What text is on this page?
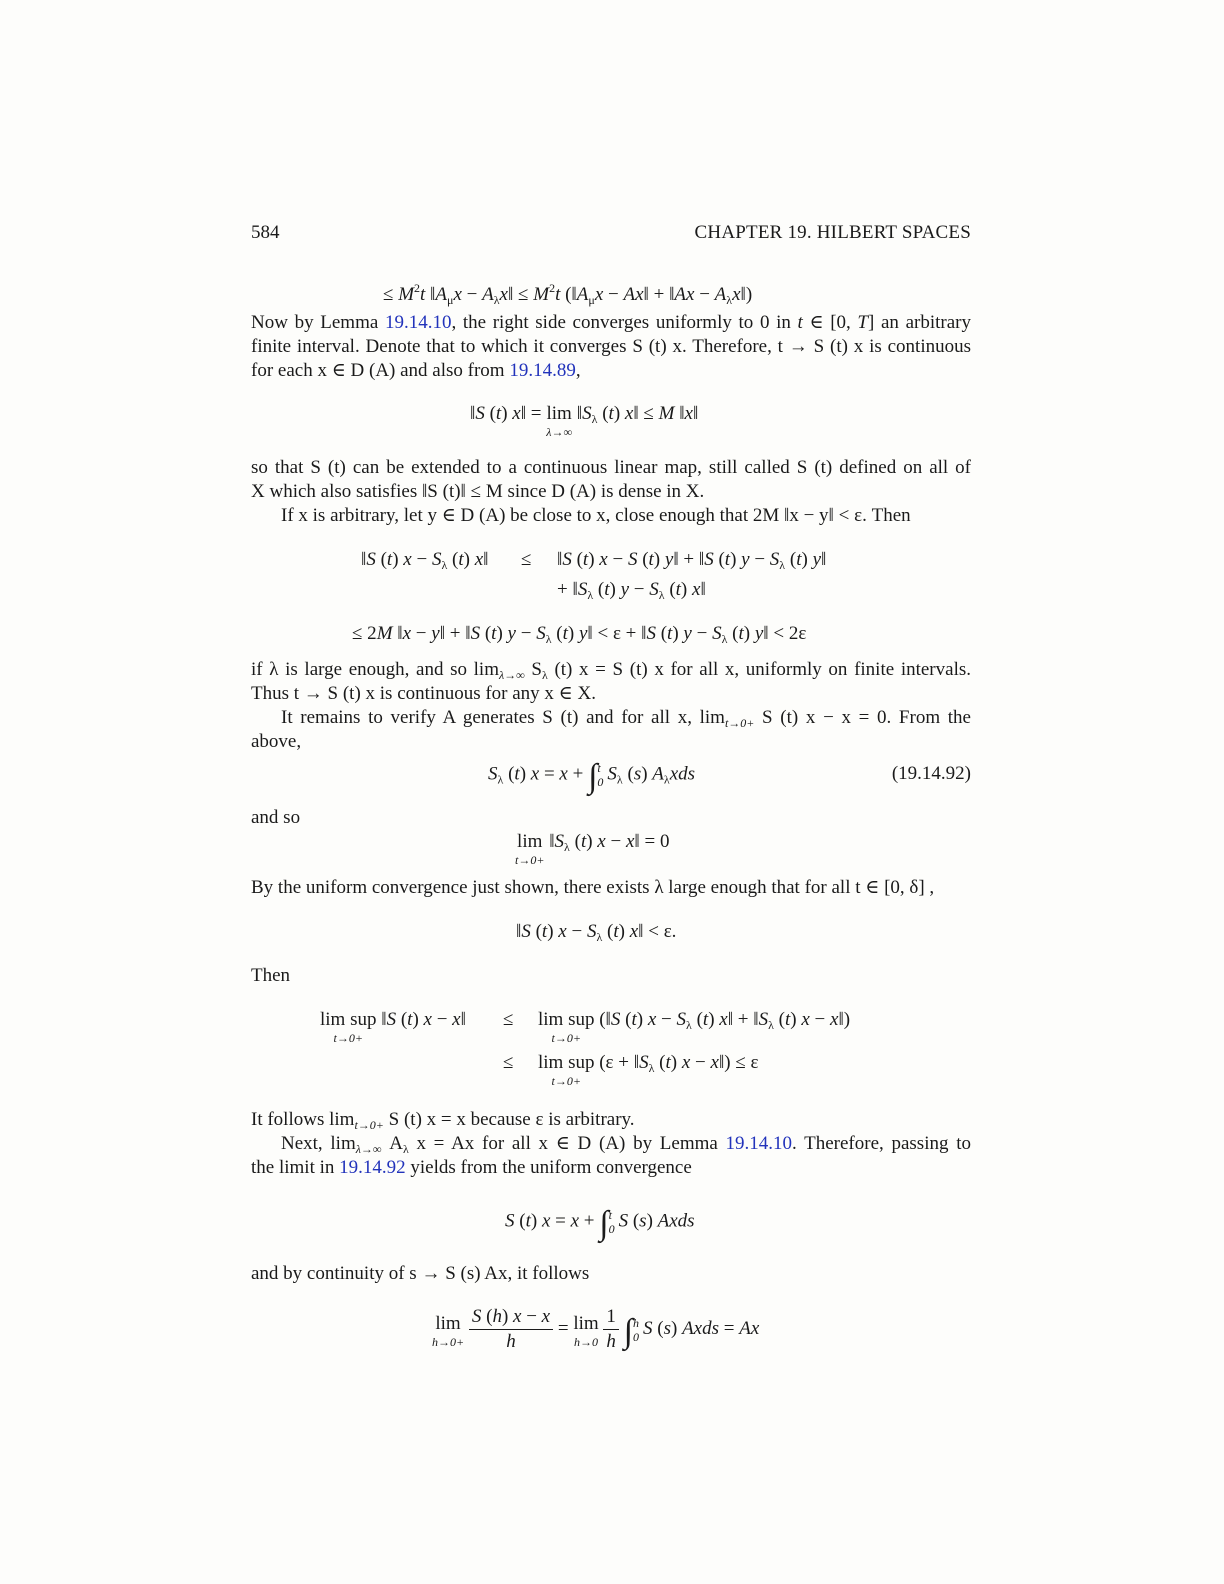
584	CHAPTER 19. HILBERT SPACES
≤ $M^2t$ $‖A_\mu x$ − $A_\lambda x‖ \le M^2t$ ($‖A_\mu x$ − Ax‖ + ‖Ax − $A_\lambda x‖$)
Now by Lemma 19.14.10, the right side converges uniformly to 0 in t ∈ [0, T] an arbitrary
finite interval. Denote that to which it converges S (t) x. Therefore, t → S (t) x is continuous
for each x ∈ D (A) and also from 19.14.89,
‖S (t) x‖ = lim
λ→∞
$‖S_\lambda$ (t) x‖ ≤ M ‖x‖
so that S (t) can be extended to a continuous linear map, still called S (t) defined on all of
X which also satisfies ‖S (t)‖ ≤ M since D (A) is dense in X.
If x is arbitrary, let y ∈ D (A) be close to x, close enough that 2M ‖x − y‖ < ε. Then
‖S (t) $x - S_\lambda$ (t) x‖ ≤ ‖S (t) x − S (t) y‖ + ‖S (t) $y - S_\lambda$ (t) y‖
+ $‖S_\lambda$ (t) $y - S_\lambda$ (t) x‖
≤ 2M ‖x − y‖ + ‖S (t) $y - S_\lambda$ (t) y‖ < ε + ‖S (t) $y - S_\lambda$ (t) y‖ < 2ε
if λ is large enough, and so $\lim_{\lambda\to\infty} S_\lambda$ (t) x = S (t) x for all x, uniformly on finite intervals.
Thus t → S (t) x is continuous for any x ∈ X.
It remains to verify A generates S (t) and for all x, $\lim_{t\to 0+} S$ (t) x − x = 0. From the
above,
$S_\lambda$ (t) x = x + ∫t
0 $S_\lambda$ (s) $A_\lambda xds$	(19.14.92)
and so
lim
t→0+
$‖S_\lambda$ (t) x − x‖ = 0
By the uniform convergence just shown, there exists λ large enough that for all t ∈ [0, δ] ,
‖S (t) $x - S_\lambda$ (t) x‖ < ε.
Then
lim sup
t→0+
‖S (t) x − x‖ ≤ lim sup
t→0+
(‖S (t) $x - S_\lambda$ (t) x‖ + $‖S_\lambda$ (t) x − x‖)
≤ lim sup
t→0+
($\varepsilon + ‖S_\lambda$ (t) x − x‖) ≤ ε
It follows $\lim_{t\to 0+} S$ (t) x = x because ε is arbitrary.
Next, $\lim_{\lambda\to\infty} A_\lambda$ x = Ax for all x ∈ D (A) by Lemma 19.14.10. Therefore, passing to
the limit in 19.14.92 yields from the uniform convergence
S (t) x = x + ∫t
0 S (s) Axds
and by continuity of s → S (s) Ax, it follows
lim
h→0+
$\frac{S (h) x - x}{h} = \lim$
h→0
$\frac{1}{h} \int h$
0 S (s) Axds = Ax
